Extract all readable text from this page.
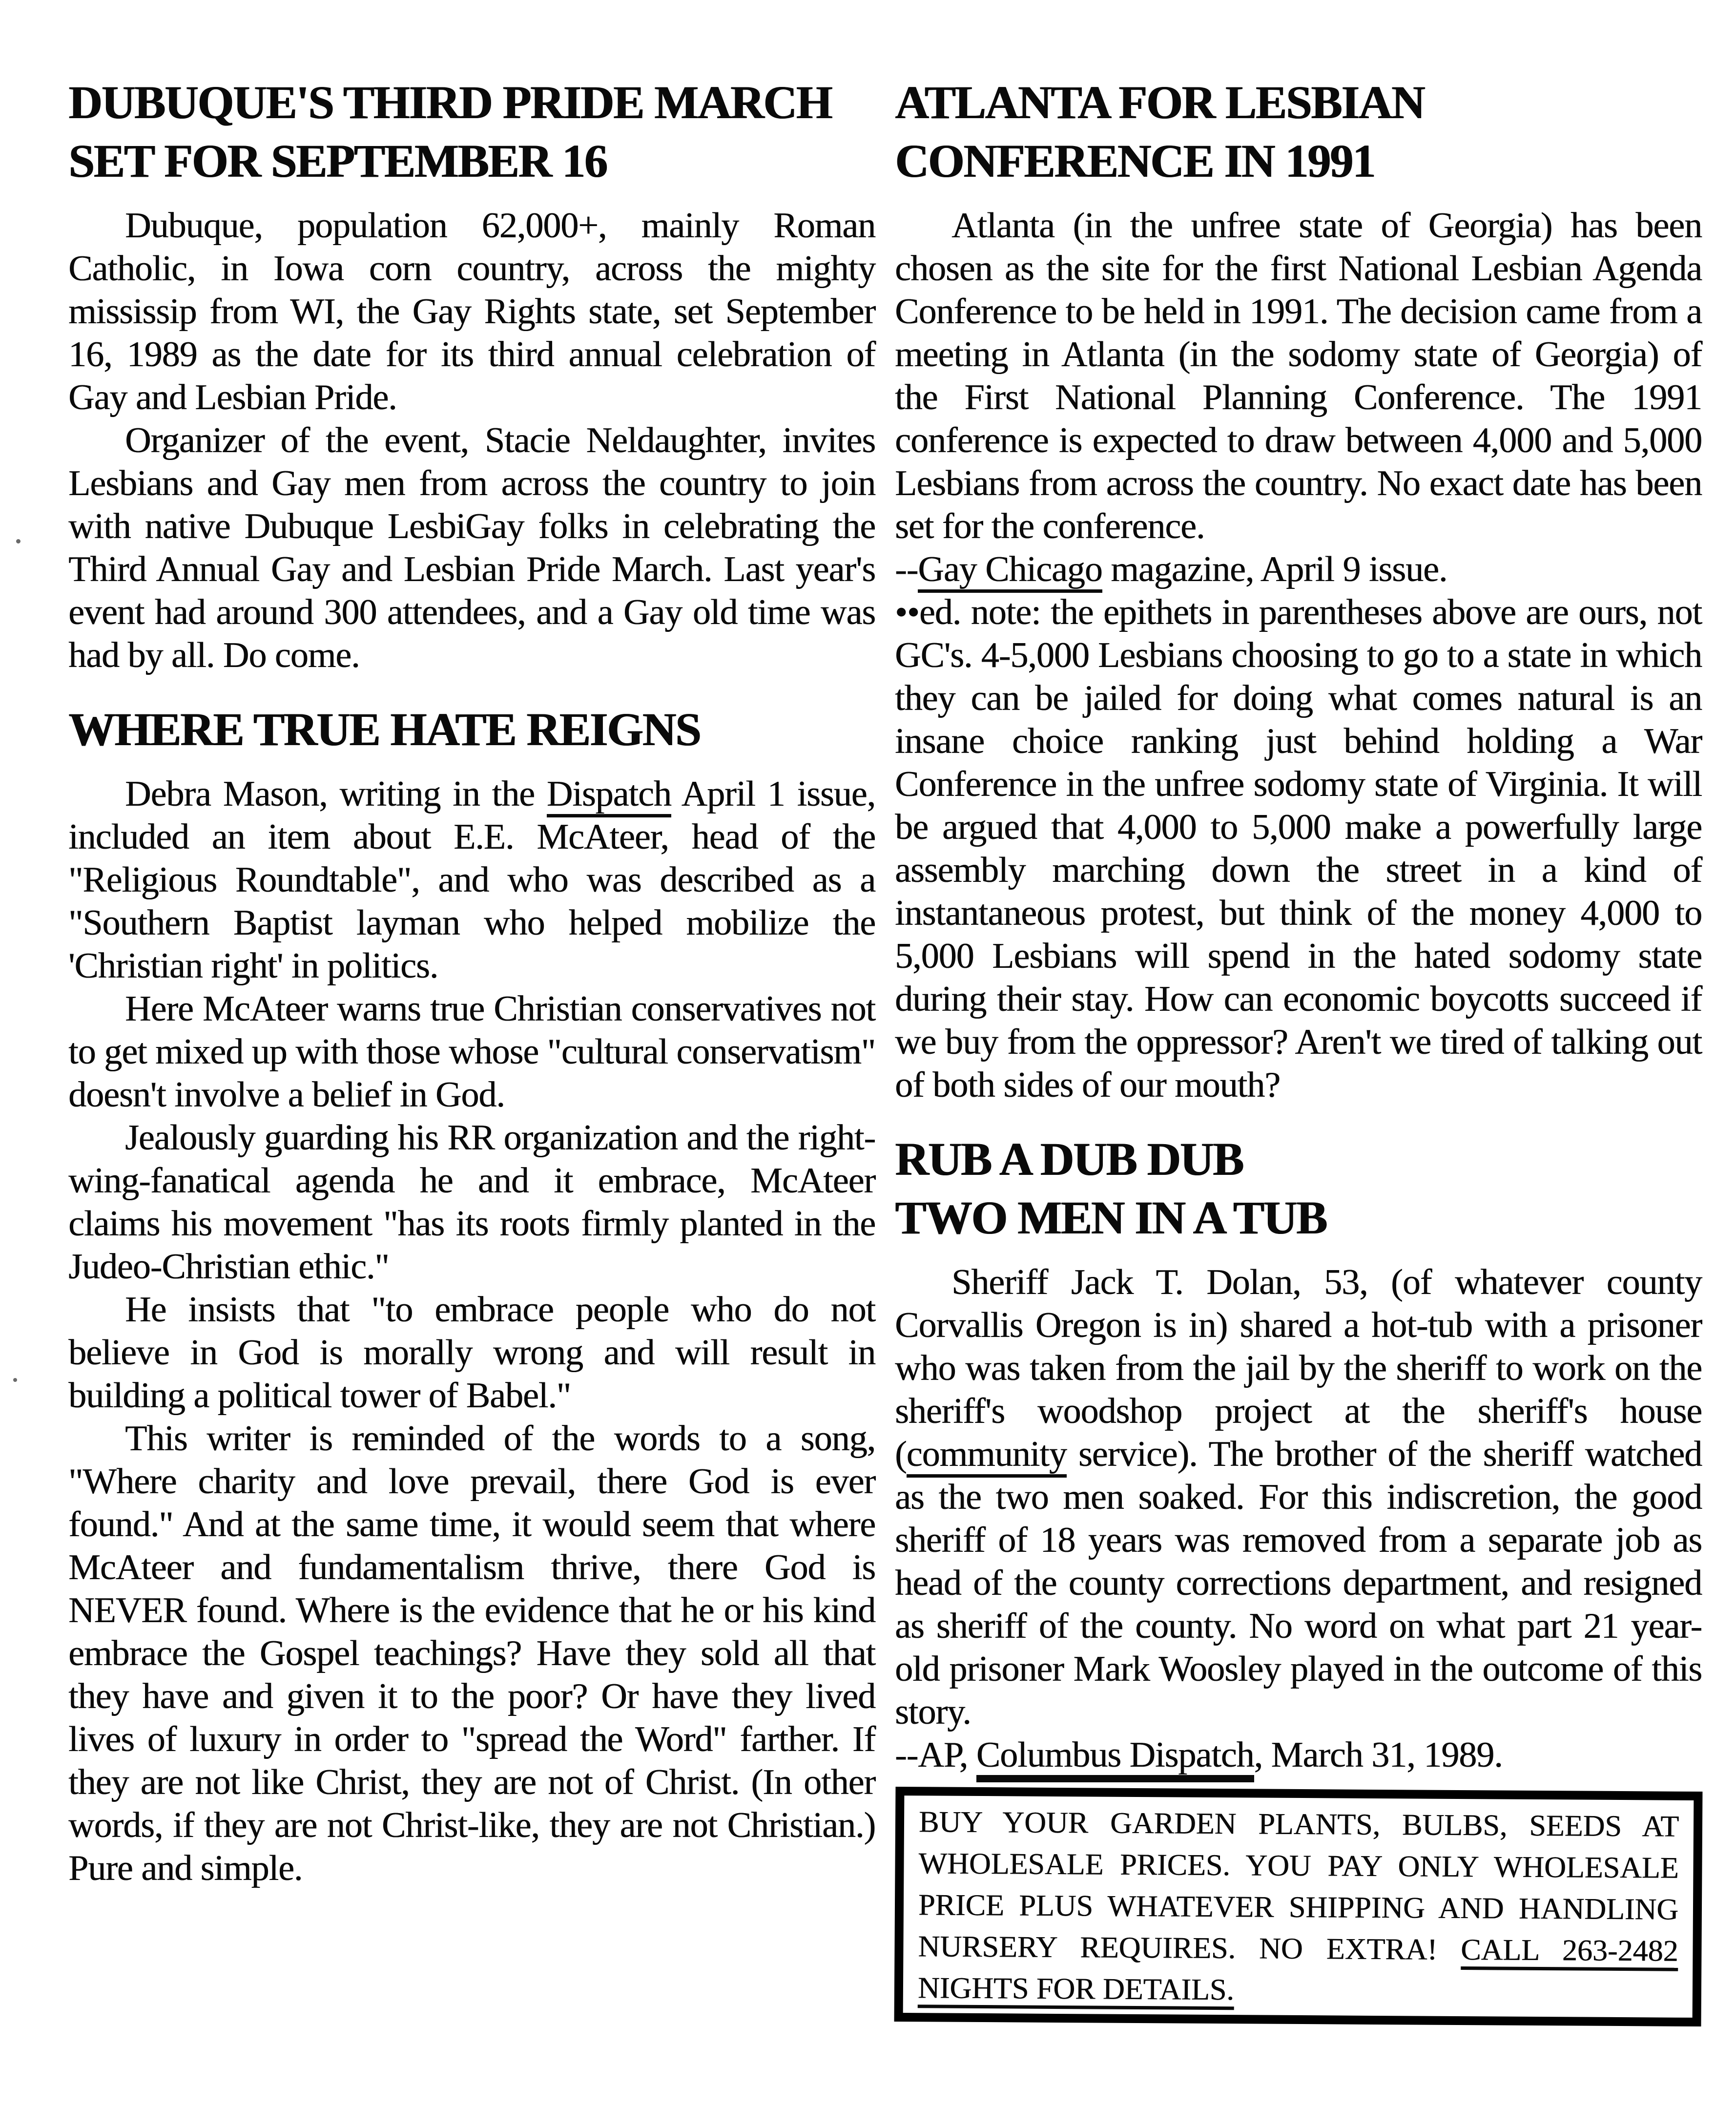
DUBUQUE'S THIRD PRIDE MARCH
SET FOR SEPTEMBER 16

Dubuque, population 62,000+, mainly Roman Catholic, in Iowa corn country, across the mighty mississip from WI, the Gay Rights state, set September 16, 1989 as the date for its third annual celebration of Gay and Lesbian Pride.

Organizer of the event, Stacie Neldaughter, invites Lesbians and Gay men from across the country to join with native Dubuque LesbiGay folks in celebrating the Third Annual Gay and Lesbian Pride March. Last year's event had around 300 attendees, and a Gay old time was had by all. Do come.

WHERE TRUE HATE REIGNS

Debra Mason, writing in the Dispatch April 1 issue, included an item about E.E. McAteer, head of the "Religious Roundtable", and who was described as a "Southern Baptist layman who helped mobilize the 'Christian right' in politics.

Here McAteer warns true Christian conservatives not to get mixed up with those whose "cultural conservatism" doesn't involve a belief in God.

Jealously guarding his RR organization and the right-wing-fanatical agenda he and it embrace, McAteer claims his movement "has its roots firmly planted in the Judeo-Christian ethic."

He insists that "to embrace people who do not believe in God is morally wrong and will result in building a political tower of Babel."

This writer is reminded of the words to a song, "Where charity and love prevail, there God is ever found." And at the same time, it would seem that where McAteer and fundamentalism thrive, there God is NEVER found. Where is the evidence that he or his kind embrace the Gospel teachings? Have they sold all that they have and given it to the poor? Or have they lived lives of luxury in order to "spread the Word" farther. If they are not like Christ, they are not of Christ. (In other words, if they are not Christ-like, they are not Christian.) Pure and simple.

ATLANTA FOR LESBIAN
CONFERENCE IN 1991

Atlanta (in the unfree state of Georgia) has been chosen as the site for the first National Lesbian Agenda Conference to be held in 1991. The decision came from a meeting in Atlanta (in the sodomy state of Georgia) of the First National Planning Conference. The 1991 conference is expected to draw between 4,000 and 5,000 Lesbians from across the country. No exact date has been set for the conference.

--Gay Chicago magazine, April 9 issue.

••ed. note: the epithets in parentheses above are ours, not GC's. 4-5,000 Lesbians choosing to go to a state in which they can be jailed for doing what comes natural is an insane choice ranking just behind holding a War Conference in the unfree sodomy state of Virginia. It will be argued that 4,000 to 5,000 make a powerfully large assembly marching down the street in a kind of instantaneous protest, but think of the money 4,000 to 5,000 Lesbians will spend in the hated sodomy state during their stay. How can economic boycotts succeed if we buy from the oppressor? Aren't we tired of talking out of both sides of our mouth?

RUB A DUB DUB
TWO MEN IN A TUB

Sheriff Jack T. Dolan, 53, (of whatever county Corvallis Oregon is in) shared a hot-tub with a prisoner who was taken from the jail by the sheriff to work on the sheriff's woodshop project at the sheriff's house (community service). The brother of the sheriff watched as the two men soaked. For this indiscretion, the good sheriff of 18 years was removed from a separate job as head of the county corrections department, and resigned as sheriff of the county. No word on what part 21 year-old prisoner Mark Woosley played in the outcome of this story.

--AP, Columbus Dispatch, March 31, 1989.

BUY YOUR GARDEN PLANTS, BULBS, SEEDS AT WHOLESALE PRICES. YOU PAY ONLY WHOLESALE PRICE PLUS WHATEVER SHIPPING AND HANDLING NURSERY REQUIRES. NO EXTRA! CALL 263-2482 NIGHTS FOR DETAILS.
